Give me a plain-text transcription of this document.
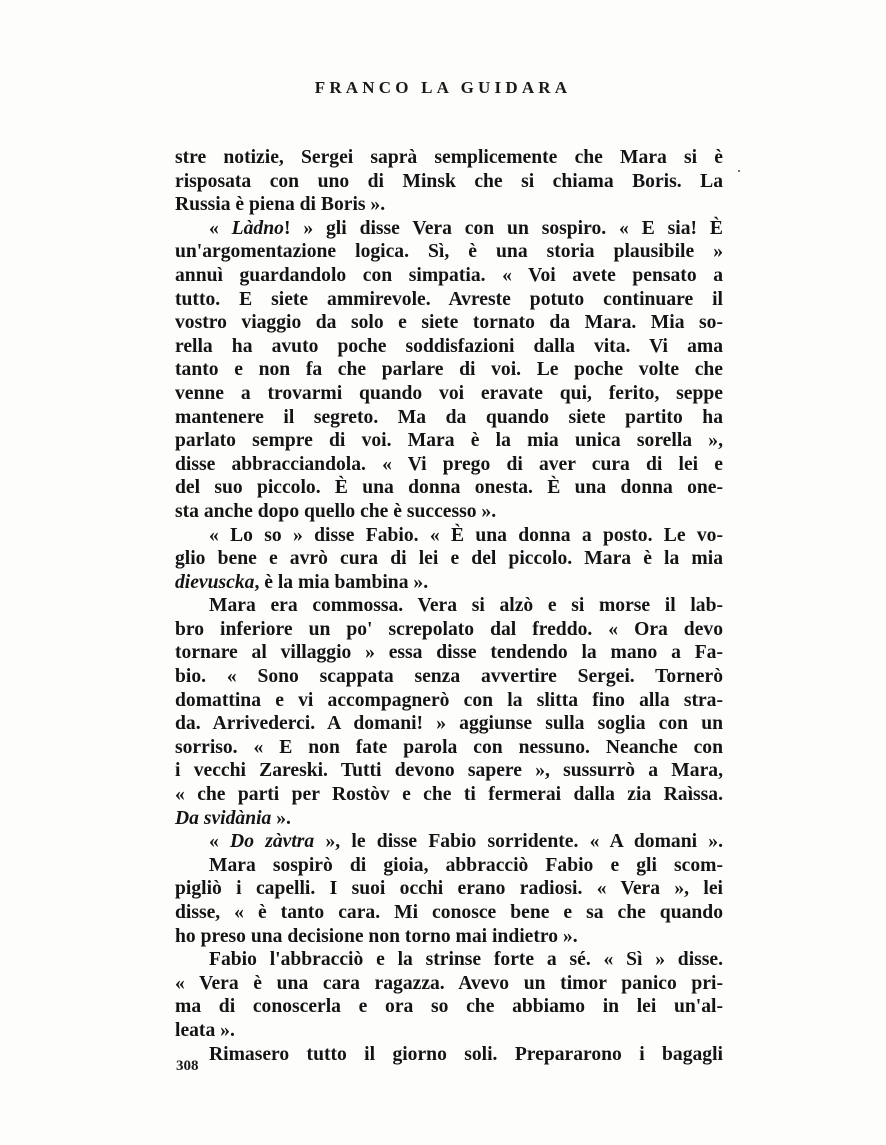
FRANCO LA GUIDARA
stre notizie, Sergei saprà semplicemente che Mara si è
risposata con uno di Minsk che si chiama Boris. La
Russia è piena di Boris ».
« Làdno! » gli disse Vera con un sospiro. « E sia! È
un'argomentazione logica. Sì, è una storia plausibile »
annuì guardandolo con simpatia. « Voi avete pensato a
tutto. E siete ammirevole. Avreste potuto continuare il
vostro viaggio da solo e siete tornato da Mara. Mia so-
rella ha avuto poche soddisfazioni dalla vita. Vi ama
tanto e non fa che parlare di voi. Le poche volte che
venne a trovarmi quando voi eravate qui, ferito, seppe
mantenere il segreto. Ma da quando siete partito ha
parlato sempre di voi. Mara è la mia unica sorella »,
disse abbracciandola. « Vi prego di aver cura di lei e
del suo piccolo. È una donna onesta. È una donna one-
sta anche dopo quello che è successo ».
« Lo so » disse Fabio. « È una donna a posto. Le vo-
glio bene e avrò cura di lei e del piccolo. Mara è la mia
dievuscka, è la mia bambina ».
Mara era commossa. Vera si alzò e si morse il lab-
bro inferiore un po' screpolato dal freddo. « Ora devo
tornare al villaggio » essa disse tendendo la mano a Fa-
bio. « Sono scappata senza avvertire Sergei. Tornerò
domattina e vi accompagnerò con la slitta fino alla stra-
da. Arrivederci. A domani! » aggiunse sulla soglia con un
sorriso. « E non fate parola con nessuno. Neanche con
i vecchi Zareski. Tutti devono sapere », sussurrò a Mara,
« che parti per Rostòv e che ti fermerai dalla zia Raìssa.
Da svidània ».
« Do zàvtra », le disse Fabio sorridente. « A domani ».
Mara sospirò di gioia, abbracciò Fabio e gli scom-
pigliò i capelli. I suoi occhi erano radiosi. « Vera », lei
disse, « è tanto cara. Mi conosce bene e sa che quando
ho preso una decisione non torno mai indietro ».
Fabio l'abbracciò e la strinse forte a sé. « Sì » disse.
« Vera è una cara ragazza. Avevo un timor panico pri-
ma di conoscerla e ora so che abbiamo in lei un'al-
leata ».
Rimasero tutto il giorno soli. Prepararono i bagagli
308
